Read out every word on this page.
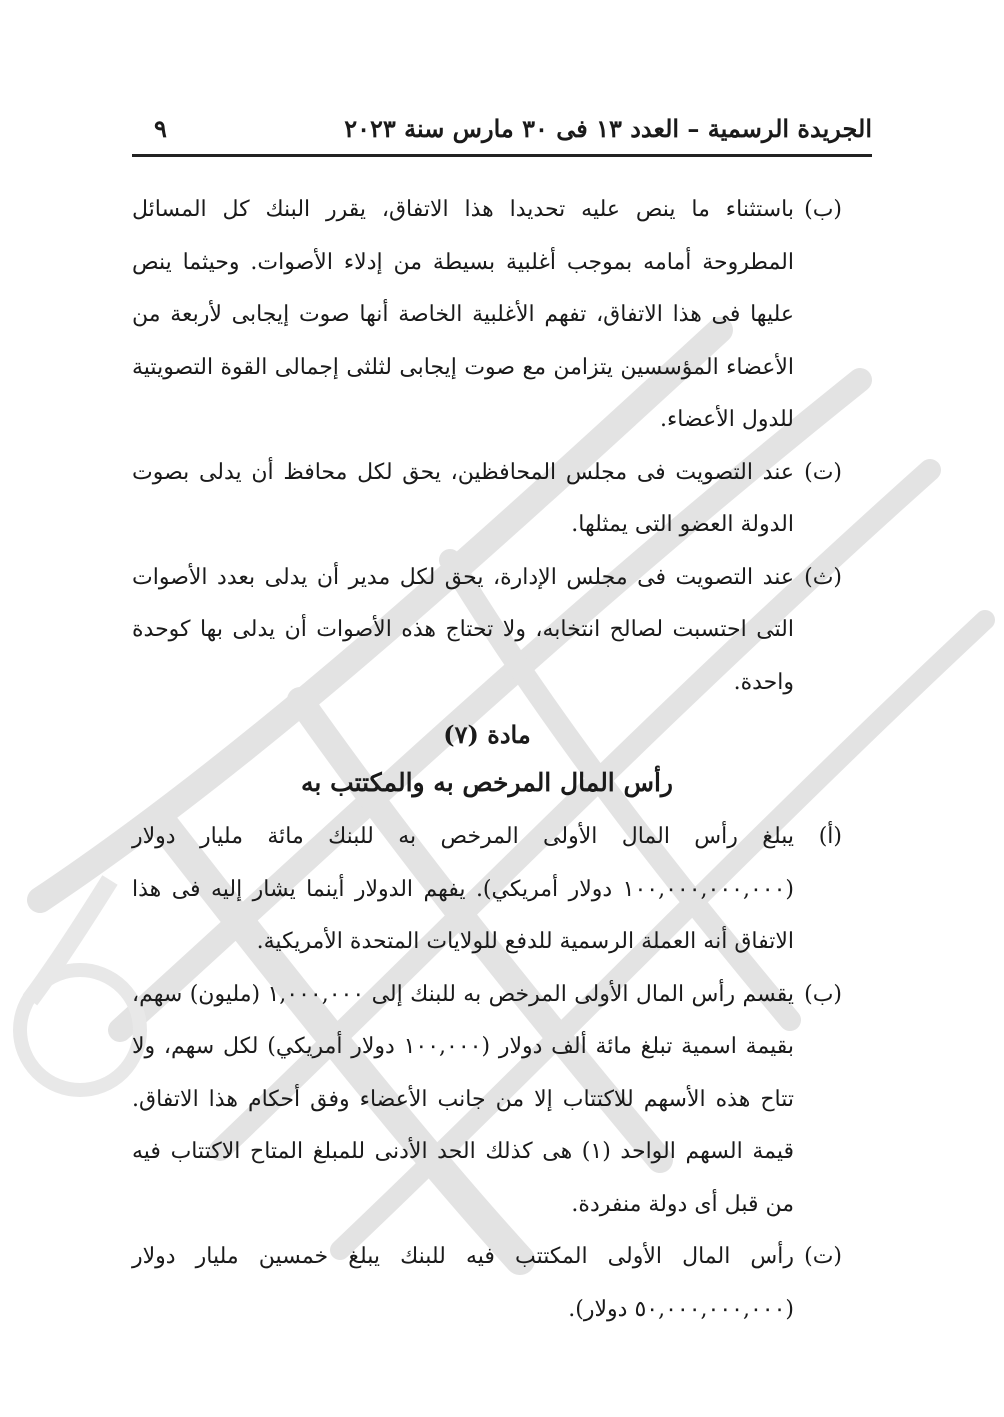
الجريدة الرسمية – العدد ١٣ فى ٣٠ مارس سنة ٢٠٢٣
٩
(ب)
باستثناء ما ينص عليه تحديدا هذا الاتفاق، يقرر البنك كل المسائل المطروحة أمامه بموجب أغلبية بسيطة من إدلاء الأصوات. وحيثما ينص عليها فى هذا الاتفاق، تفهم الأغلبية الخاصة أنها صوت إيجابى لأربعة من الأعضاء المؤسسين يتزامن مع صوت إيجابى لثلثى إجمالى القوة التصويتية للدول الأعضاء.
(ت)
عند التصويت فى مجلس المحافظين، يحق لكل محافظ أن يدلى بصوت الدولة العضو التى يمثلها.
(ث)
عند التصويت فى مجلس الإدارة، يحق لكل مدير أن يدلى بعدد الأصوات التى احتسبت لصالح انتخابه، ولا تحتاج هذه الأصوات أن يدلى بها كوحدة واحدة.
مادة (٧)
رأس المال المرخص به والمكتتب به
(أ)
يبلغ رأس المال الأولى المرخص به للبنك مائة مليار دولار (١٠٠,٠٠٠,٠٠٠,٠٠٠ دولار أمريكي). يفهم الدولار أينما يشار إليه فى هذا الاتفاق أنه العملة الرسمية للدفع للولايات المتحدة الأمريكية.
(ب)
يقسم رأس المال الأولى المرخص به للبنك إلى ١,٠٠٠,٠٠٠ (مليون) سهم، بقيمة اسمية تبلغ مائة ألف دولار (١٠٠,٠٠٠ دولار أمريكي) لكل سهم، ولا تتاح هذه الأسهم للاكتتاب إلا من جانب الأعضاء وفق أحكام هذا الاتفاق. قيمة السهم الواحد (١) هى كذلك الحد الأدنى للمبلغ المتاح الاكتتاب فيه من قبل أى دولة منفردة.
(ت)
رأس المال الأولى المكتتب فيه للبنك يبلغ خمسين مليار دولار (٥٠,٠٠٠,٠٠٠,٠٠٠ دولار).
